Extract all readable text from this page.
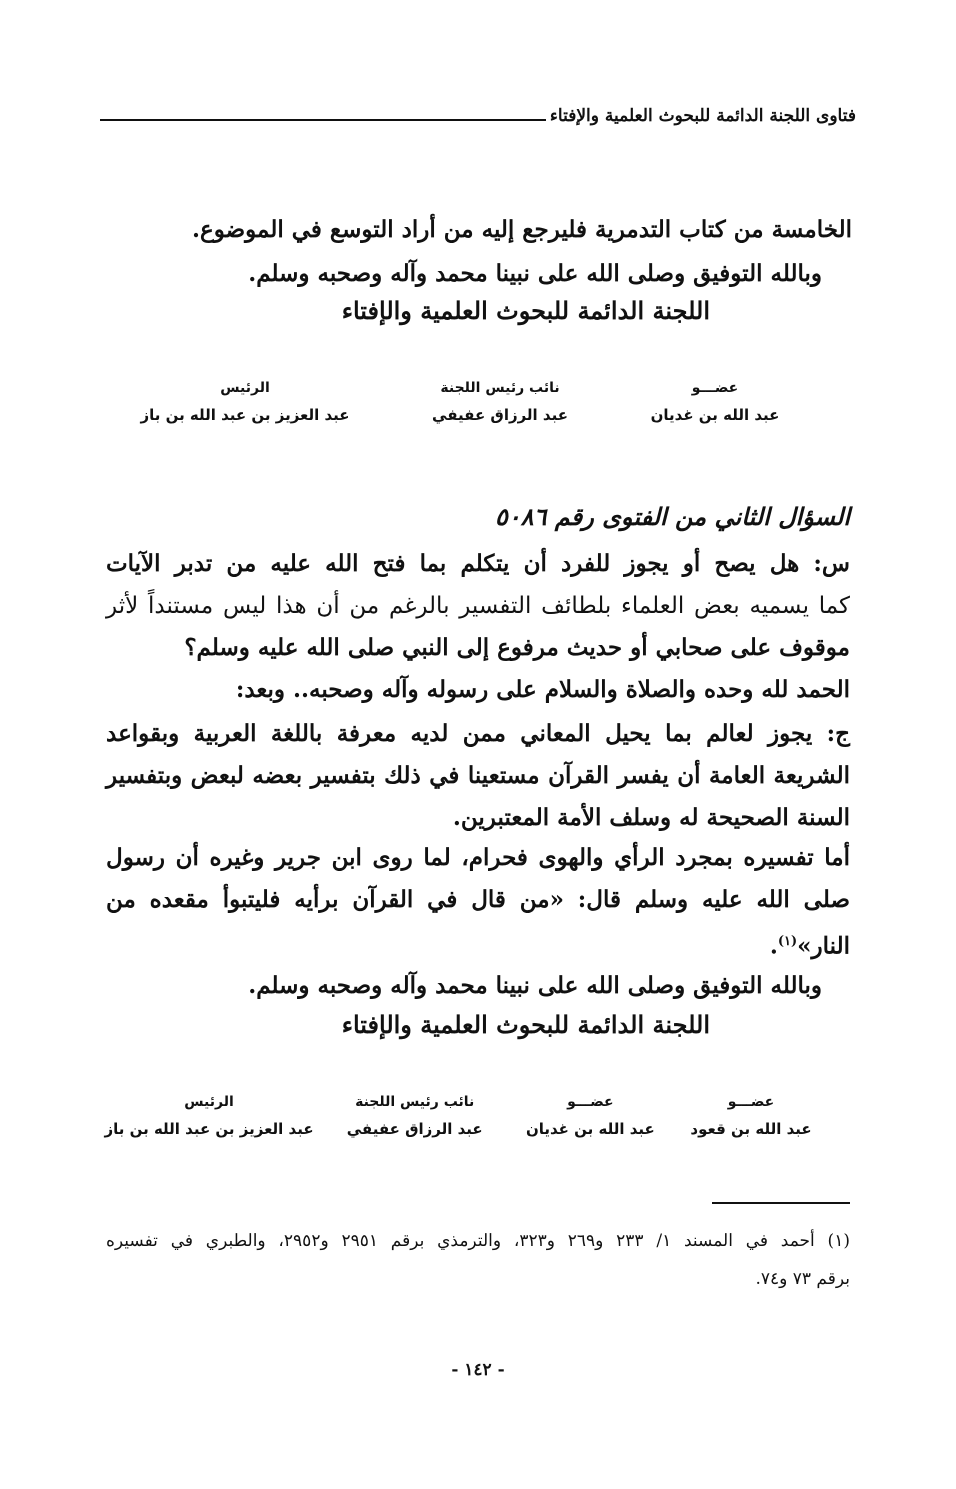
فتاوى اللجنة الدائمة للبحوث العلمية والإفتاء
الخامسة من كتاب التدمرية فليرجع إليه من أراد التوسع في الموضوع.
وبالله التوفيق وصلى الله على نبينا محمد وآله وصحبه وسلم.
اللجنة الدائمة للبحوث العلمية والإفتاء
عضـــو
عبد الله بن غديان
نائب رئيس اللجنة
عبد الرزاق عفيفي
الرئيس
عبد العزيز بن عبد الله بن باز
السؤال الثاني من الفتوى رقم ٥٠٨٦
س: هل يصح أو يجوز للفرد أن يتكلم بما فتح الله عليه من تدبر الآيات
كما يسميه بعض العلماء بلطائف التفسير بالرغم من أن هذا ليس مستنداً لأثر
موقوف على صحابي أو حديث مرفوع إلى النبي صلى الله عليه وسلم؟
الحمد لله وحده والصلاة والسلام على رسوله وآله وصحبه.. وبعد:
ج: يجوز لعالم بما يحيل المعاني ممن لديه معرفة باللغة العربية وبقواعد
الشريعة العامة أن يفسر القرآن مستعينا في ذلك بتفسير بعضه لبعض وبتفسير
السنة الصحيحة له وسلف الأمة المعتبرين.
أما تفسيره بمجرد الرأي والهوى فحرام، لما روى ابن جرير وغيره أن رسول
صلى الله عليه وسلم قال: «من قال في القرآن برأيه فليتبوأ مقعده من
النار»$^{(١)}$.
وبالله التوفيق وصلى الله على نبينا محمد وآله وصحبه وسلم.
اللجنة الدائمة للبحوث العلمية والإفتاء
عضـــو
عبد الله بن قعود
عضـــو
عبد الله بن غديان
نائب رئيس اللجنة
عبد الرزاق عفيفي
الرئيس
عبد العزيز بن عبد الله بن باز
(١) أحمد في المسند ١/ ٢٣٣ و٢٦٩ و٣٢٣، والترمذي برقم ٢٩٥١ و٢٩٥٢، والطبري في تفسيره
برقم ٧٣ و٧٤.
- ١٤٢ -
